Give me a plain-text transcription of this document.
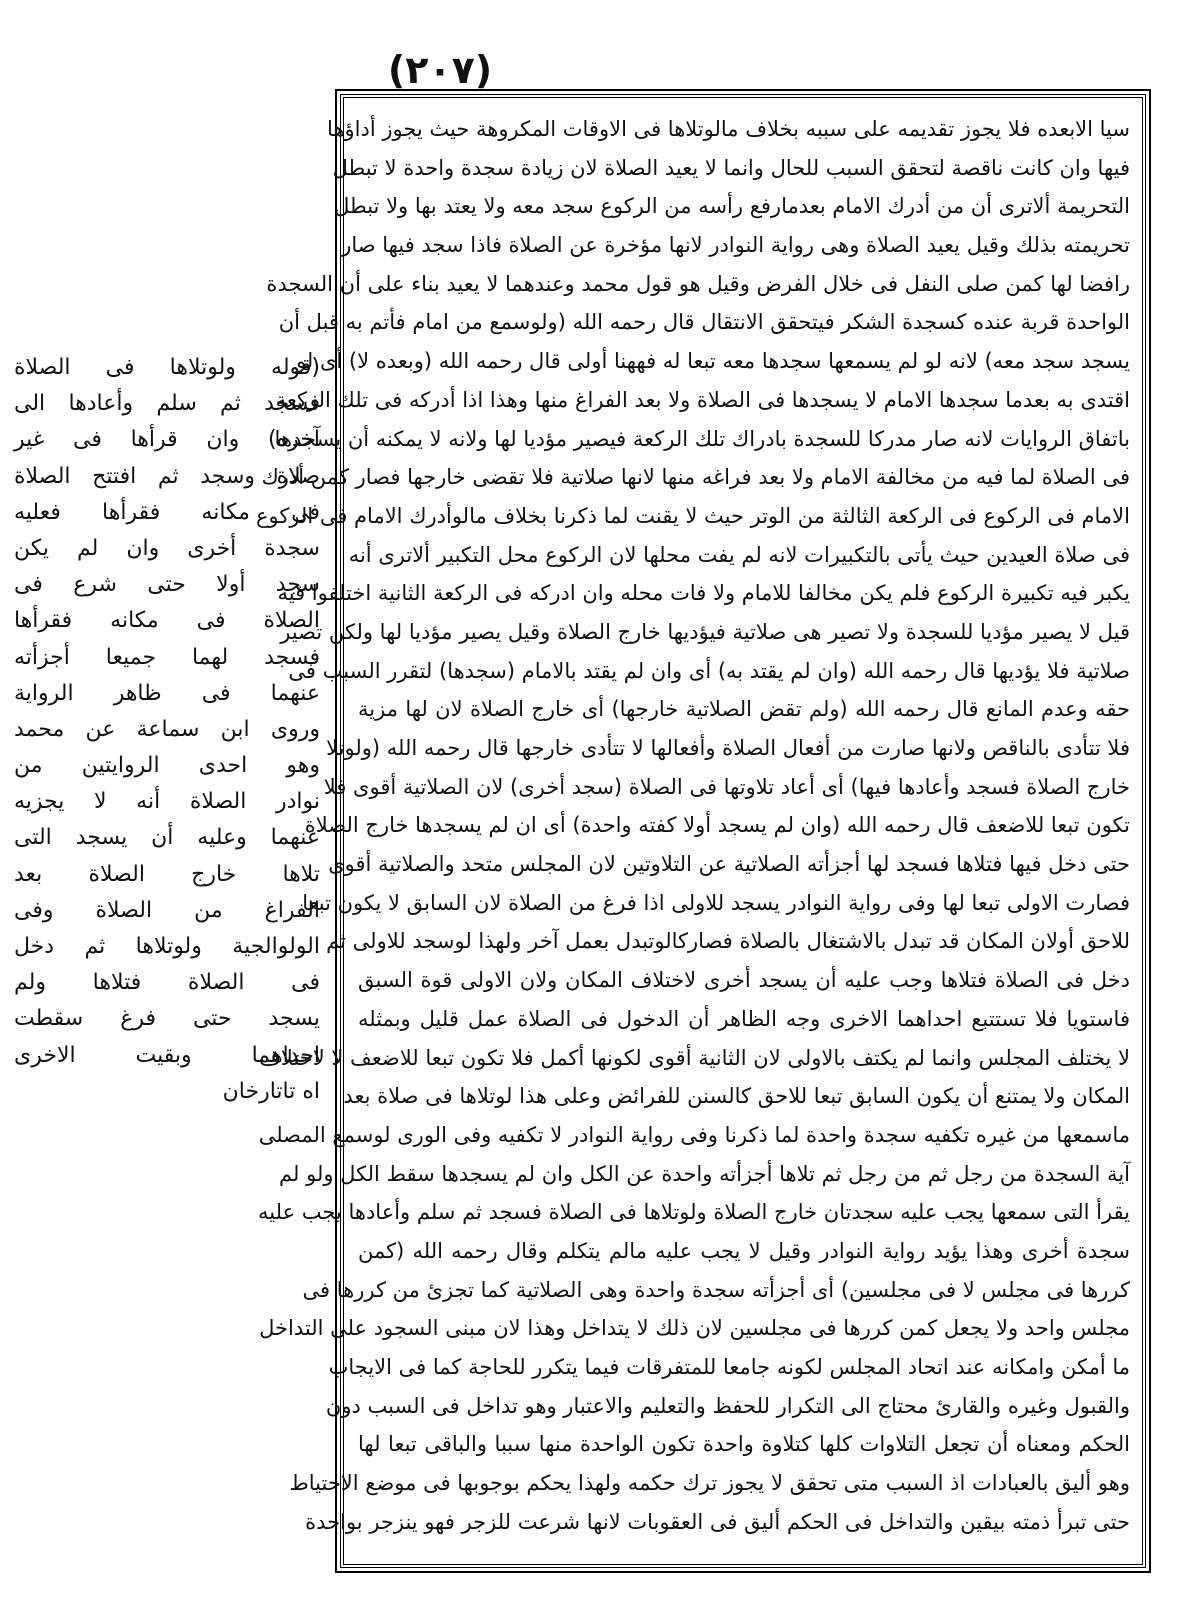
(٢٠٧)
سيا الابعده فلا يجوز تقديمه على سببه بخلاف مالوتلاها فى الاوقات المكروهة حيث يجوز أداؤها
فيها وان كانت ناقصة لتحقق السبب للحال وانما لا يعيد الصلاة لان زيادة سجدة واحدة لا تبطل
التحريمة ألاترى أن من أدرك الامام بعدمارفع رأسه من الركوع سجد معه ولا يعتد بها ولا تبطل
تحريمته بذلك وقيل يعيد الصلاة وهى رواية النوادر لانها مؤخرة عن الصلاة فاذا سجد فيها صار
رافضا لها كمن صلى النفل فى خلال الفرض وقيل هو قول محمد وعندهما لا يعيد بناء على أن السجدة
الواحدة قربة عنده كسجدة الشكر فيتحقق الانتقال قال رحمه الله (ولوسمع من امام فأتم به قبل أن
يسجد سجد معه) لانه لو لم يسمعها سجدها معه تبعا له فههنا أولى قال رحمه الله (وبعده لا) أى لو
اقتدى به بعدما سجدها الامام لا يسجدها فى الصلاة ولا بعد الفراغ منها وهذا اذا أدركه فى تلك الركعة
باتفاق الروايات لانه صار مدركا للسجدة بادراك تلك الركعة فيصير مؤديا لها ولانه لا يمكنه أن يسجدها
فى الصلاة لما فيه من مخالفة الامام ولا بعد فراغه منها لانها صلاتية فلا تقضى خارجها فصار كمن أدرك
الامام فى الركوع فى الركعة الثالثة من الوتر حيث لا يقنت لما ذكرنا بخلاف مالوأدرك الامام فى الركوع
فى صلاة العيدين حيث يأتى بالتكبيرات لانه لم يفت محلها لان الركوع محل التكبير ألاترى أنه
يكبر فيه تكبيرة الركوع فلم يكن مخالفا للامام ولا فات محله وان ادركه فى الركعة الثانية اختلفوا فيه
قيل لا يصير مؤديا للسجدة ولا تصير هى صلاتية فيؤديها خارج الصلاة وقيل يصير مؤديا لها ولكن تصير
صلاتية فلا يؤديها قال رحمه الله (وان لم يقتد به) أى وان لم يقتد بالامام (سجدها) لتقرر السبب فى
حقه وعدم المانع قال رحمه الله (ولم تقض الصلاتية خارجها) أى خارج الصلاة لان لها مزية
فلا تتأدى بالناقص ولانها صارت من أفعال الصلاة وأفعالها لا تتأدى خارجها قال رحمه الله (ولوتلا
خارج الصلاة فسجد وأعادها فيها) أى أعاد تلاوتها فى الصلاة (سجد أخرى) لان الصلاتية أقوى فلا
تكون تبعا للاضعف قال رحمه الله (وان لم يسجد أولا كفته واحدة) أى ان لم يسجدها خارج الصلاة
حتى دخل فيها فتلاها فسجد لها أجزأته الصلاتية عن التلاوتين لان المجلس متحد والصلاتية أقوى
فصارت الاولى تبعا لها وفى رواية النوادر يسجد للاولى اذا فرغ من الصلاة لان السابق لا يكون تبعا
للاحق أولان المكان قد تبدل بالاشتغال بالصلاة فصاركالوتبدل بعمل آخر ولهذا لوسجد للاولى ثم
دخل فى الصلاة فتلاها وجب عليه أن يسجد أخرى لاختلاف المكان ولان الاولى قوة السبق
فاستويا فلا تستتبع احداهما الاخرى وجه الظاهر أن الدخول فى الصلاة عمل قليل وبمثله
لا يختلف المجلس وانما لم يكتف بالاولى لان الثانية أقوى لكونها أكمل فلا تكون تبعا للاضعف لا لاختلاف
المكان ولا يمتنع أن يكون السابق تبعا للاحق كالسنن للفرائض وعلى هذا لوتلاها فى صلاة بعد
ماسمعها من غيره تكفيه سجدة واحدة لما ذكرنا وفى رواية النوادر لا تكفيه وفى الورى لوسمع المصلى
آية السجدة من رجل ثم من رجل ثم تلاها أجزأته واحدة عن الكل وان لم يسجدها سقط الكل ولو لم
يقرأ التى سمعها يجب عليه سجدتان خارج الصلاة ولوتلاها فى الصلاة فسجد ثم سلم وأعادها يجب عليه
سجدة أخرى وهذا يؤيد رواية النوادر وقيل لا يجب عليه مالم يتكلم وقال رحمه الله (كمن
كررها فى مجلس لا فى مجلسين) أى أجزأته سجدة واحدة وهى الصلاتية كما تجزئ من كررها فى
مجلس واحد ولا يجعل كمن كررها فى مجلسين لان ذلك لا يتداخل وهذا لان مبنى السجود على التداخل
ما أمكن وامكانه عند اتحاد المجلس لكونه جامعا للمتفرقات فيما يتكرر للحاجة كما فى الايجاب
والقبول وغيره والقارئ محتاج الى التكرار للحفظ والتعليم والاعتبار وهو تداخل فى السبب دون
الحكم ومعناه أن تجعل التلاوات كلها كتلاوة واحدة تكون الواحدة منها سببا والباقى تبعا لها
وهو أليق بالعبادات اذ السبب متى تحقق لا يجوز ترك حكمه ولهذا يحكم بوجوبها فى موضع الاحتياط
حتى تبرأ ذمته بيقين والتداخل فى الحكم أليق فى العقوبات لانها شرعت للزجر فهو ينزجر بواحدة
(قوله ولوتلاها فى الصلاة
فسجد ثم سلم وأعادها الى
آخره) وان قرأها فى غير
صلاة وسجد ثم افتتح الصلاة
فى مكانه فقرأها فعليه
سجدة أخرى وان لم يكن
سجد أولا حتى شرع فى
الصلاة فى مكانه فقرأها
فسجد لهما جميعا أجزأته
عنهما فى ظاهر الرواية
وروى ابن سماعة عن محمد
وهو احدى الروايتين من
نوادر الصلاة أنه لا يجزيه
عنهما وعليه أن يسجد التى
تلاها خارج الصلاة بعد
الفراغ من الصلاة وفى
الولوالجية ولوتلاها ثم دخل
فى الصلاة فتلاها ولم
يسجد حتى فرغ سقطت
احداهما وبقيت الاخرى
اه تاتارخان
